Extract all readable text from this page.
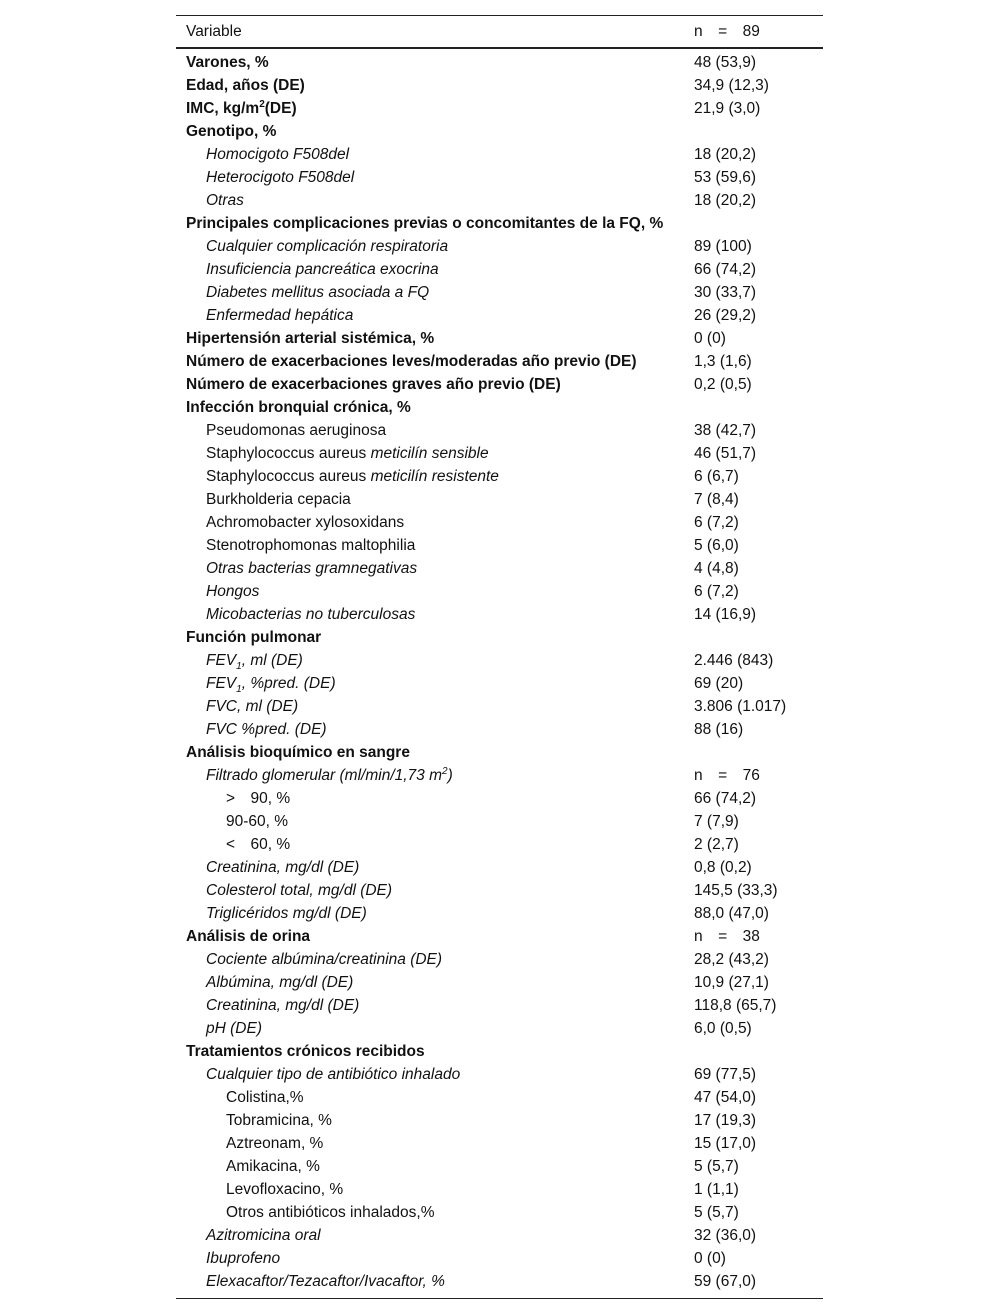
Variable	n = 89
Varones, %	48 (53,9)
Edad, años (DE)	34,9 (12,3)
IMC, $kg/m^2(DE)$	21,9 (3,0)
Genotipo, %
Homocigoto F508del	18 (20,2)
Heterocigoto F508del	53 (59,6)
Otras	18 (20,2)
Principales complicaciones previas o concomitantes de la FQ, %
Cualquier complicación respiratoria	89 (100)
Insuficiencia pancreática exocrina	66 (74,2)
Diabetes mellitus asociada a FQ	30 (33,7)
Enfermedad hepática	26 (29,2)
Hipertensión arterial sistémica, %	0 (0)
Número de exacerbaciones leves/moderadas año previo (DE)	1,3 (1,6)
Número de exacerbaciones graves año previo (DE)	0,2 (0,5)
Infección bronquial crónica, %
Pseudomonas aeruginosa	38 (42,7)
Staphylococcus aureus meticilín sensible	46 (51,7)
Staphylococcus aureus meticilín resistente	6 (6,7)
Burkholderia cepacia	7 (8,4)
Achromobacter xylosoxidans	6 (7,2)
Stenotrophomonas maltophilia	5 (6,0)
Otras bacterias gramnegativas	4 (4,8)
Hongos	6 (7,2)
Micobacterias no tuberculosas	14 (16,9)
Función pulmonar
$FEV_1$, ml (DE)	2.446 (843)
$FEV_1$, %pred. (DE)	69 (20)
FVC, ml (DE)	3.806 (1.017)
FVC %pred. (DE)	88 (16)
Análisis bioquímico en sangre
Filtrado glomerular (ml/min/1,73 $m^2$)	n = 76
> 90, %	66 (74,2)
90-60, %	7 (7,9)
< 60, %	2 (2,7)
Creatinina, mg/dl (DE)	0,8 (0,2)
Colesterol total, mg/dl (DE)	145,5 (33,3)
Triglicéridos mg/dl (DE)	88,0 (47,0)
Análisis de orina	n = 38
Cociente albúmina/creatinina (DE)	28,2 (43,2)
Albúmina, mg/dl (DE)	10,9 (27,1)
Creatinina, mg/dl (DE)	118,8 (65,7)
pH (DE)	6,0 (0,5)
Tratamientos crónicos recibidos
Cualquier tipo de antibiótico inhalado	69 (77,5)
Colistina,%	47 (54,0)
Tobramicina, %	17 (19,3)
Aztreonam, %	15 (17,0)
Amikacina, %	5 (5,7)
Levofloxacino, %	1 (1,1)
Otros antibióticos inhalados,%	5 (5,7)
Azitromicina oral	32 (36,0)
Ibuprofeno	0 (0)
Elexacaftor/Tezacaftor/Ivacaftor, %	59 (67,0)
